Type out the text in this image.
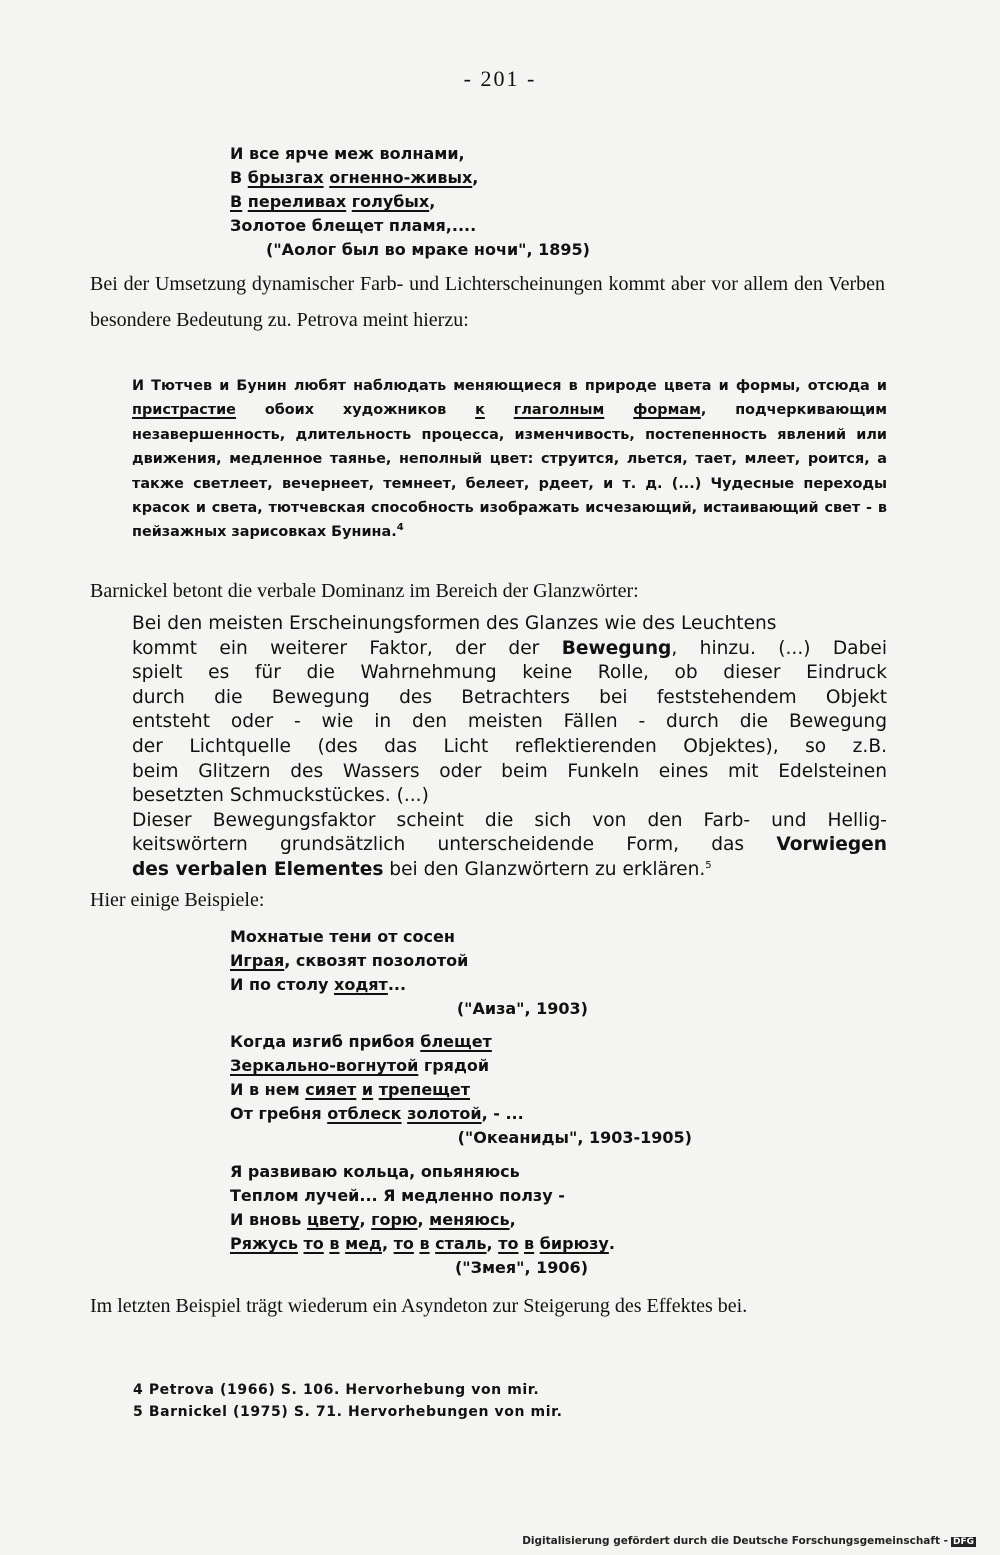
- 201 -
И все ярче меж волнами,
В брызгах огненно-живых,
В переливах голубых,
Золотое блещет пламя,....
("Аолог был во мраке ночи", 1895)
Bei der Umsetzung dynamischer Farb- und Lichterscheinungen kommt aber vor allem den Verben besondere Bedeutung zu. Petrova meint hierzu:
И Тютчев и Бунин любят наблюдать меняющиеся в природе цвета и формы, отсюда и пристрастие обоих художников к глаголным формам, подчеркивающим незавершенность, длительность процесса, изменчивость, постепенность явлений или движения, медленное таянье, неполный цвет: струится, льется, тает, млеет, роится, а также светлеет, вечернеет, темнеет, белеет, рдеет, и т. д. (...) Чудесные переходы красок и света, тютчевская способность изображать исчезающий, истаивающий свет - в пейзажных зарисовках Бунина.$^4$
Barnickel betont die verbale Dominanz im Bereich der Glanzwörter:
Bei den meisten Erscheinungsformen des Glanzes wie des Leuchtens
kommt ein weiterer Faktor, der der Bewegung, hinzu. (...) Dabei
spielt es für die Wahrnehmung keine Rolle, ob dieser Eindruck
durch die Bewegung des Betrachters bei feststehendem Objekt
entsteht oder - wie in den meisten Fällen - durch die Bewegung
der Lichtquelle (des das Licht reflektierenden Objektes), so z.B.
beim Glitzern des Wassers oder beim Funkeln eines mit Edelsteinen
besetzten Schmuckstückes. (...)
Dieser Bewegungsfaktor scheint die sich von den Farb- und Hellig-
keitswörtern grundsätzlich unterscheidende Form, das Vorwiegen
des verbalen Elementes bei den Glanzwörtern zu erklären.$^5$
Hier einige Beispiele:
Мохнатые тени от сосен
Играя, сквозят позолотой
И по столу ходят...
("Аиза", 1903)
Когда изгиб прибоя блещет
Зеркально-вогнутой грядой
И в нем сияет и трепещет
От гребня отблеск золотой, - ...
("Океаниды", 1903-1905)
Я развиваю кольца, опьяняюсь
Теплом лучей... Я медленно ползу -
И вновь цвету, горю, меняюсь,
Ряжусь то в мед, то в сталь, то в бирюзу.
("Змея", 1906)
Im letzten Beispiel trägt wiederum ein Asyndeton zur Steigerung des Effektes bei.
4 Petrova (1966) S. 106. Hervorhebung von mir.
5 Barnickel (1975) S. 71. Hervorhebungen von mir.
Digitalisierung gefördert durch die Deutsche Forschungsgemeinschaft - DFG
